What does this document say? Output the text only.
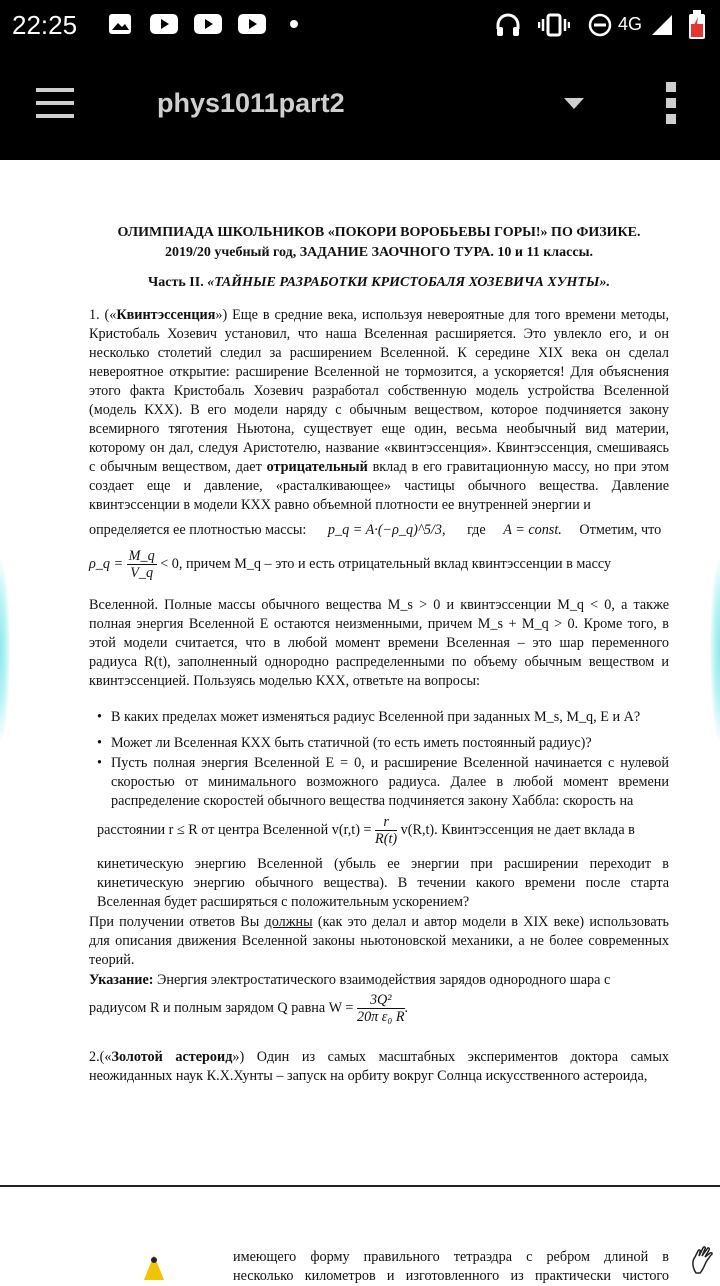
22:25	4G
phys1011part2
ОЛИМПИАДА ШКОЛЬНИКОВ «ПОКОРИ ВОРОБЬЕВЫ ГОРЫ!» ПО ФИЗИКЕ.
2019/20 учебный год, ЗАДАНИЕ ЗАОЧНОГО ТУРА. 10 и 11 классы.
Часть II. «ТАЙНЫЕ РАЗРАБОТКИ КРИСТОБАЛЯ ХОЗЕВИЧА ХУНТЫ».
1. («Квинтэссенция») Еще в средние века, используя невероятные для того времени методы, Кристобаль Хозевич установил, что наша Вселенная расширяется. Это увлекло его, и он несколько столетий следил за расширением Вселенной. К середине XIX века он сделал невероятное открытие: расширение Вселенной не тормозится, а ускоряется! Для объяснения этого факта Кристобаль Хозевич разработал собственную модель устройства Вселенной (модель КХХ). В его модели наряду с обычным веществом, которое подчиняется закону всемирного тяготения Ньютона, существует еще один, весьма необычный вид материи, которому он дал, следуя Аристотелю, название «квинтэссенция». Квинтэссенция, смешиваясь с обычным веществом, дает отрицательный вклад в его гравитационную массу, но при этом создает еще и давление, «расталкивающее» частицы обычного вещества. Давление квинтэссенции в модели КХХ равно объемной плотности ее внутренней энергии и
определяется ее плотностью массы: p_q = A·(−ρ_q)^5/3, где A = const. Отметим, что
ρ_q = $\frac{M\_q}{V\_q} < 0$, причем M_q – это и есть отрицательный вклад квинтэссенции в массу
Вселенной. Полные массы обычного вещества M_s > 0 и квинтэссенции M_q < 0, а также полная энергия Вселенной E остаются неизменными, причем M_s + M_q > 0. Кроме того, в этой модели считается, что в любой момент времени Вселенная – это шар переменного радиуса R(t), заполненный однородно распределенными по объему обычным веществом и квинтэссенцией. Пользуясь моделью КХХ, ответьте на вопросы:
• В каких пределах может изменяться радиус Вселенной при заданных M_s, M_q, E и A?
• Может ли Вселенная КХХ быть статичной (то есть иметь постоянный радиус)?
• Пусть полная энергия Вселенной E = 0, и расширение Вселенной начинается с нулевой скоростью от минимального возможного радиуса. Далее в любой момент времени распределение скоростей обычного вещества подчиняется закону Хаббла: скорость на
расстоянии r ≤ R от центра Вселенной $v(r,t) = \frac{r}{R(t)} v(R,t)$. Квинтэссенция не дает вклада в
кинетическую энергию Вселенной (убыль ее энергии при расширении переходит в кинетическую энергию обычного вещества). В течении какого времени после старта Вселенная будет расширяться с положительным ускорением?
При получении ответов Вы должны (как это делал и автор модели в XIX веке) использовать для описания движения Вселенной законы ньютоновской механики, а не более современных теорий.
Указание: Энергия электростатического взаимодействия зарядов однородного шара с
радиусом R и полным зарядом Q равна $W = \frac{\text{3Q²}}{\text{20π ε₀ R}}$ .
2.(«Золотой астероид») Один из самых масштабных экспериментов доктора самых неожиданных наук К.Х.Хунты – запуск на орбиту вокруг Солнца искусственного астероида,
имеющего форму правильного тетраэдра с ребром длиной в
несколько километров и изготовленного из практически чистого
